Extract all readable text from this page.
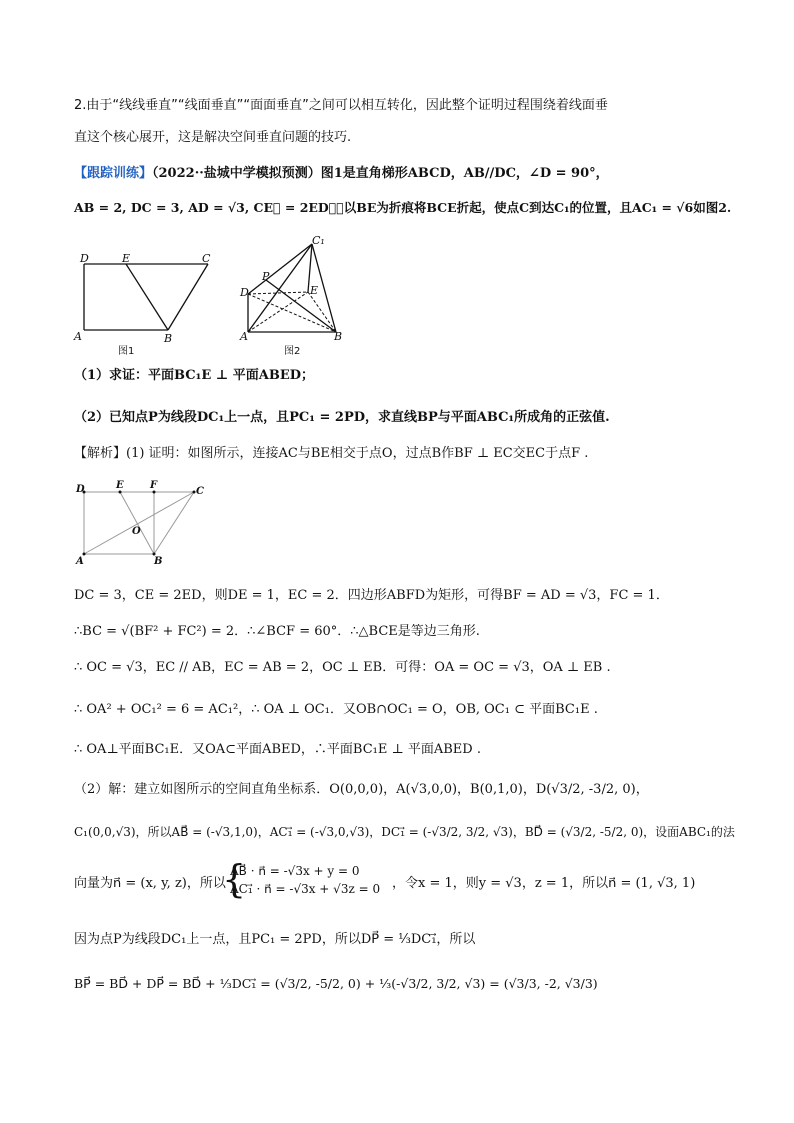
2.由于“线线垂直”“线面垂直”“面面垂直”之间可以相互转化，因此整个证明过程围绕着线面垂
直这个核心展开，这是解决空间垂直问题的技巧.
【跟踪训练】（2022··盐城中学模拟预测）图1是直角梯形ABCD，AB//DC，∠D = 90°，
AB = 2, DC = 3, AD = √3, CE⃗ = 2ED⃗，以BE为折痕将BCE折起，使点C到达C₁的位置，且AC₁ = √6如图2.
D	E	C
A	B
图1
C₁
P
D	E
A	B
图2
（1）求证：平面BC₁E ⊥ 平面ABED；
（2）已知点P为线段DC₁上一点，且PC₁ = 2PD，求直线BP与平面ABC₁所成角的正弦值.
【解析】(1) 证明：如图所示，连接AC与BE相交于点O，过点B作BF ⊥ EC交EC于点F .
D	E	F
C
O
A	B
DC = 3，CE = 2ED，则DE = 1，EC = 2．四边形ABFD为矩形，可得BF = AD = √3，FC = 1．
∴BC = √(BF² + FC²) = 2．∴∠BCF = 60°．∴△BCE是等边三角形.
∴ OC = √3，EC // AB，EC = AB = 2，OC ⊥ EB．可得：OA = OC = √3，OA ⊥ EB .
∴ OA² + OC₁² = 6 = AC₁²，∴ OA ⊥ OC₁．又OB∩OC₁ = O，OB, OC₁ ⊂ 平面BC₁E .
∴ OA⊥平面BC₁E．又OA⊂平面ABED，∴平面BC₁E ⊥ 平面ABED .
（2）解：建立如图所示的空间直角坐标系．O(0,0,0)，A(√3,0,0)，B(0,1,0)，D(√3/2, -3/2, 0)，
C₁(0,0,√3)，所以AB⃗ = (-√3,1,0)，AC₁⃗ = (-√3,0,√3)，DC₁⃗ = (-√3/2, 3/2, √3)，BD⃗ = (√3/2, -5/2, 0)，设面ABC₁的法
向量为n⃗ = (x, y, z)，所以
{
AB⃗ · n⃗ = -√3x + y = 0
AC₁⃗ · n⃗ = -√3x + √3z = 0 ，令x = 1，则y = √3，z = 1，所以n⃗ = (1, √3, 1)
因为点P为线段DC₁上一点，且PC₁ = 2PD，所以DP⃗ = ⅓DC₁⃗，所以
BP⃗ = BD⃗ + DP⃗ = BD⃗ + ⅓DC₁⃗ = (√3/2, -5/2, 0) + ⅓(-√3/2, 3/2, √3) = (√3/3, -2, √3/3)
